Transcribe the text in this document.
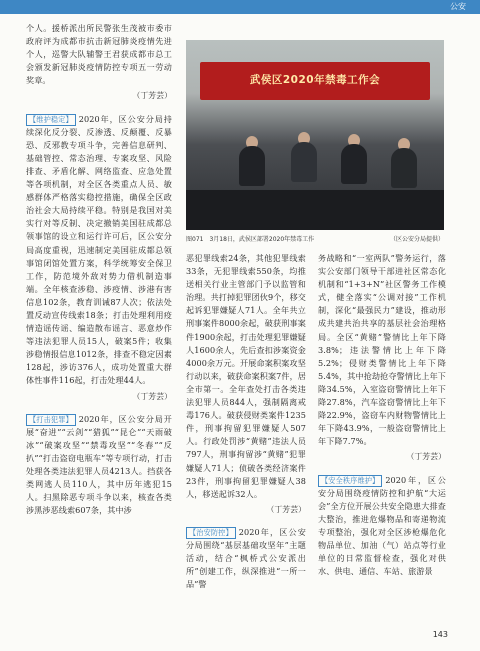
公安

个人。援桥派出所民警张生茂被市委市政府评为成都市抗击新冠肺炎疫情先进个人，巡警大队辅警王君获成都市总工会颁发新冠肺炎疫情防控专项五一劳动奖章。

（丁芳芸）

【维护稳定】 2020年，区公安分局持续深化反分裂、反渗透、反颠覆、反暴恐、反邪教专项斗争，完善信息研判、基础管控、常态治理、专案攻坚、风险排查、矛盾化解、网络监查、应急处置等各项机制，对全区各类重点人员、敏感群体严格落实稳控措施，确保全区政治社会大局持续平稳。特别是我国对美实行对等反制、决定撤销美国驻成都总领事馆的设立和运行许可后，区公安分局高度重视，迅速制定美国驻成都总领事馆闭馆处置方案，科学统筹安全保卫工作，防范境外敌对势力借机制造事端。全年核查涉稳、涉疫情、涉港有害信息102条，教育训诫87人次；依法处置反动宣传线索18条；打击处理利用疫情造谣传谣、编造散布谣言、恶意炒作等违法犯罪人员15人，破案5件；收集涉稳情报信息1012条，排查不稳定因素128起，涉访376人，成功处置重大群体性事件116起，打击处理44人。

（丁芳芸）

【打击犯罪】 2020年，区公安分局开展“奋进”“云剑”“猎狐”“昆仑”“天雨破冰”“破案攻坚”“禁毒攻坚”“冬春”“反扒”“打击盗窃电瓶车”等专项行动，打击处理各类违法犯罪人员4213人。挡获各类网逃人员110人，其中历年逃犯15人。扫黑除恶专项斗争以来，核查各类涉黑涉恶线索607条，其中涉

武侯区2020年禁毒工作会
图071　3月18日，武侯区部署2020年禁毒工作	（区公安分局提供）

恶犯罪线索24条，其他犯罪线索33条，无犯罪线索550条，均推送相关行业主管部门予以监管和治理。共打掉犯罪团伙9个，移交起诉犯罪嫌疑人71人。全年共立刑事案件8000余起，破获刑事案件1900余起，打击处理犯罪嫌疑人1600余人，先后查扣涉案资金4000余万元。开展命案积案攻坚行动以来，破获命案积案7件，居全市第一。全年查处打击各类违法犯罪人员844人，强制隔离戒毒176人。破获侵财类案件1235件，刑事拘留犯罪嫌疑人507人。行政处罚涉“黄赌”违法人员797人，刑事拘留涉“黄赌”犯罪嫌疑人71人；侦破各类经济案件23件，刑事拘留犯罪嫌疑人38人，移送起诉32人。

（丁芳芸）

【治安防控】 2020年，区公安分局围绕“基层基础攻坚年”主题活动，结合“枫桥式公安派出所”创建工作，纵深推进“一所一品”警

务战略和“一室两队”警务运行，落实公安部门领导干部进社区常态化机制和“1+3+N”社区警务工作模式，健全落实“公调对接”工作机制，深化“最强民力”建设，推动形成共建共治共享的基层社会治理格局。全区“黄赌”警情比上年下降3.8%；违法警情比上年下降5.2%；侵财类警情比上年下降5.4%，其中抢劫抢夺警情比上年下降34.5%，入室盗窃警情比上年下降27.8%，汽车盗窃警情比上年下降22.9%，盗窃车内财物警情比上年下降43.9%，一般盗窃警情比上年下降7.7%。

（丁芳芸）

【安全秩序维护】 2020年，区公安分局围绕疫情防控和护航“大运会”全方位开展公共安全隐患大排查大整治，推进危爆物品和寄递物流专项整治，强化对全区涉枪爆危化物品单位、加油（气）站点等行业单位的日常监督检查，强化对供水、供电、通信、车站、旅游景

143
